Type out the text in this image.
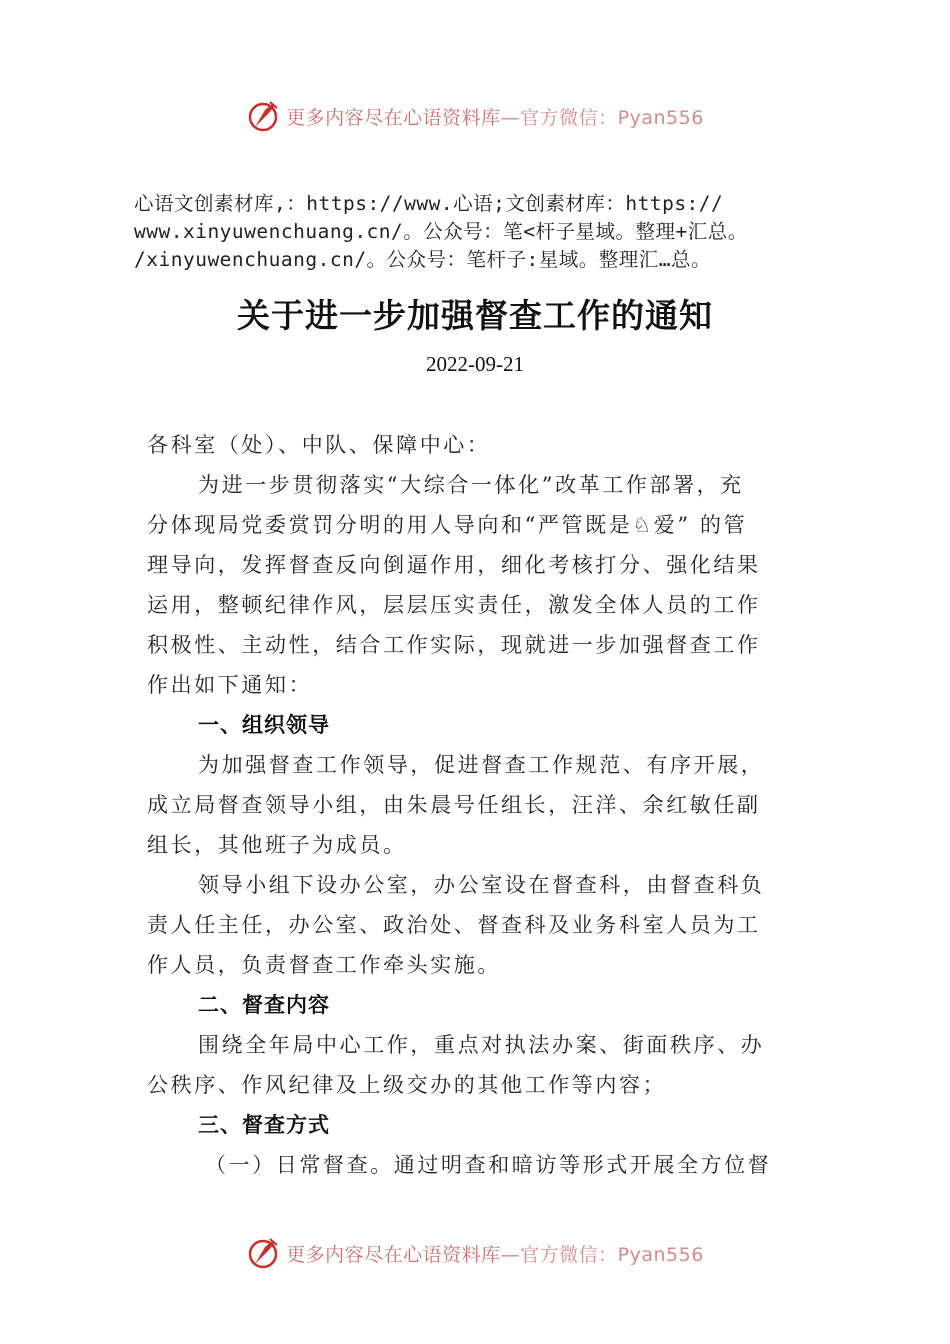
更多内容尽在心语资料库—官方微信：Pyan556
心语文创素材库,：https://www.心语;文创素材库：https://
www.xinyuwenchuang.cn/。公众号：笔<杆子星域。整理+汇总。
/xinyuwenchuang.cn/。公众号：笔杆子:星域。整理汇…总。
关于进一步加强督查工作的通知
2022-09-21

各科室（处）、中队、保障中心：

为进一步贯彻落实“大综合一体化”改革工作部署，充

分体现局党委赏罚分明的用人导向和“严管既是♘爱” 的管

理导向，发挥督查反向倒逼作用，细化考核打分、强化结果

运用，整顿纪律作风，层层压实责任，激发全体人员的工作

积极性、主动性，结合工作实际，现就进一步加强督查工作

作出如下通知：

一、组织领导

为加强督查工作领导，促进督查工作规范、有序开展，

成立局督查领导小组，由朱晨号任组长，汪洋、余红敏任副

组长，其他班子为成员。

领导小组下设办公室，办公室设在督查科，由督查科负

责人任主任，办公室、政治处、督查科及业务科室人员为工

作人员，负责督查工作牵头实施。

二、督查内容

围绕全年局中心工作，重点对执法办案、街面秩序、办

公秩序、作风纪律及上级交办的其他工作等内容；

三、督查方式

（一）日常督查。通过明查和暗访等形式开展全方位督

更多内容尽在心语资料库—官方微信：Pyan556
